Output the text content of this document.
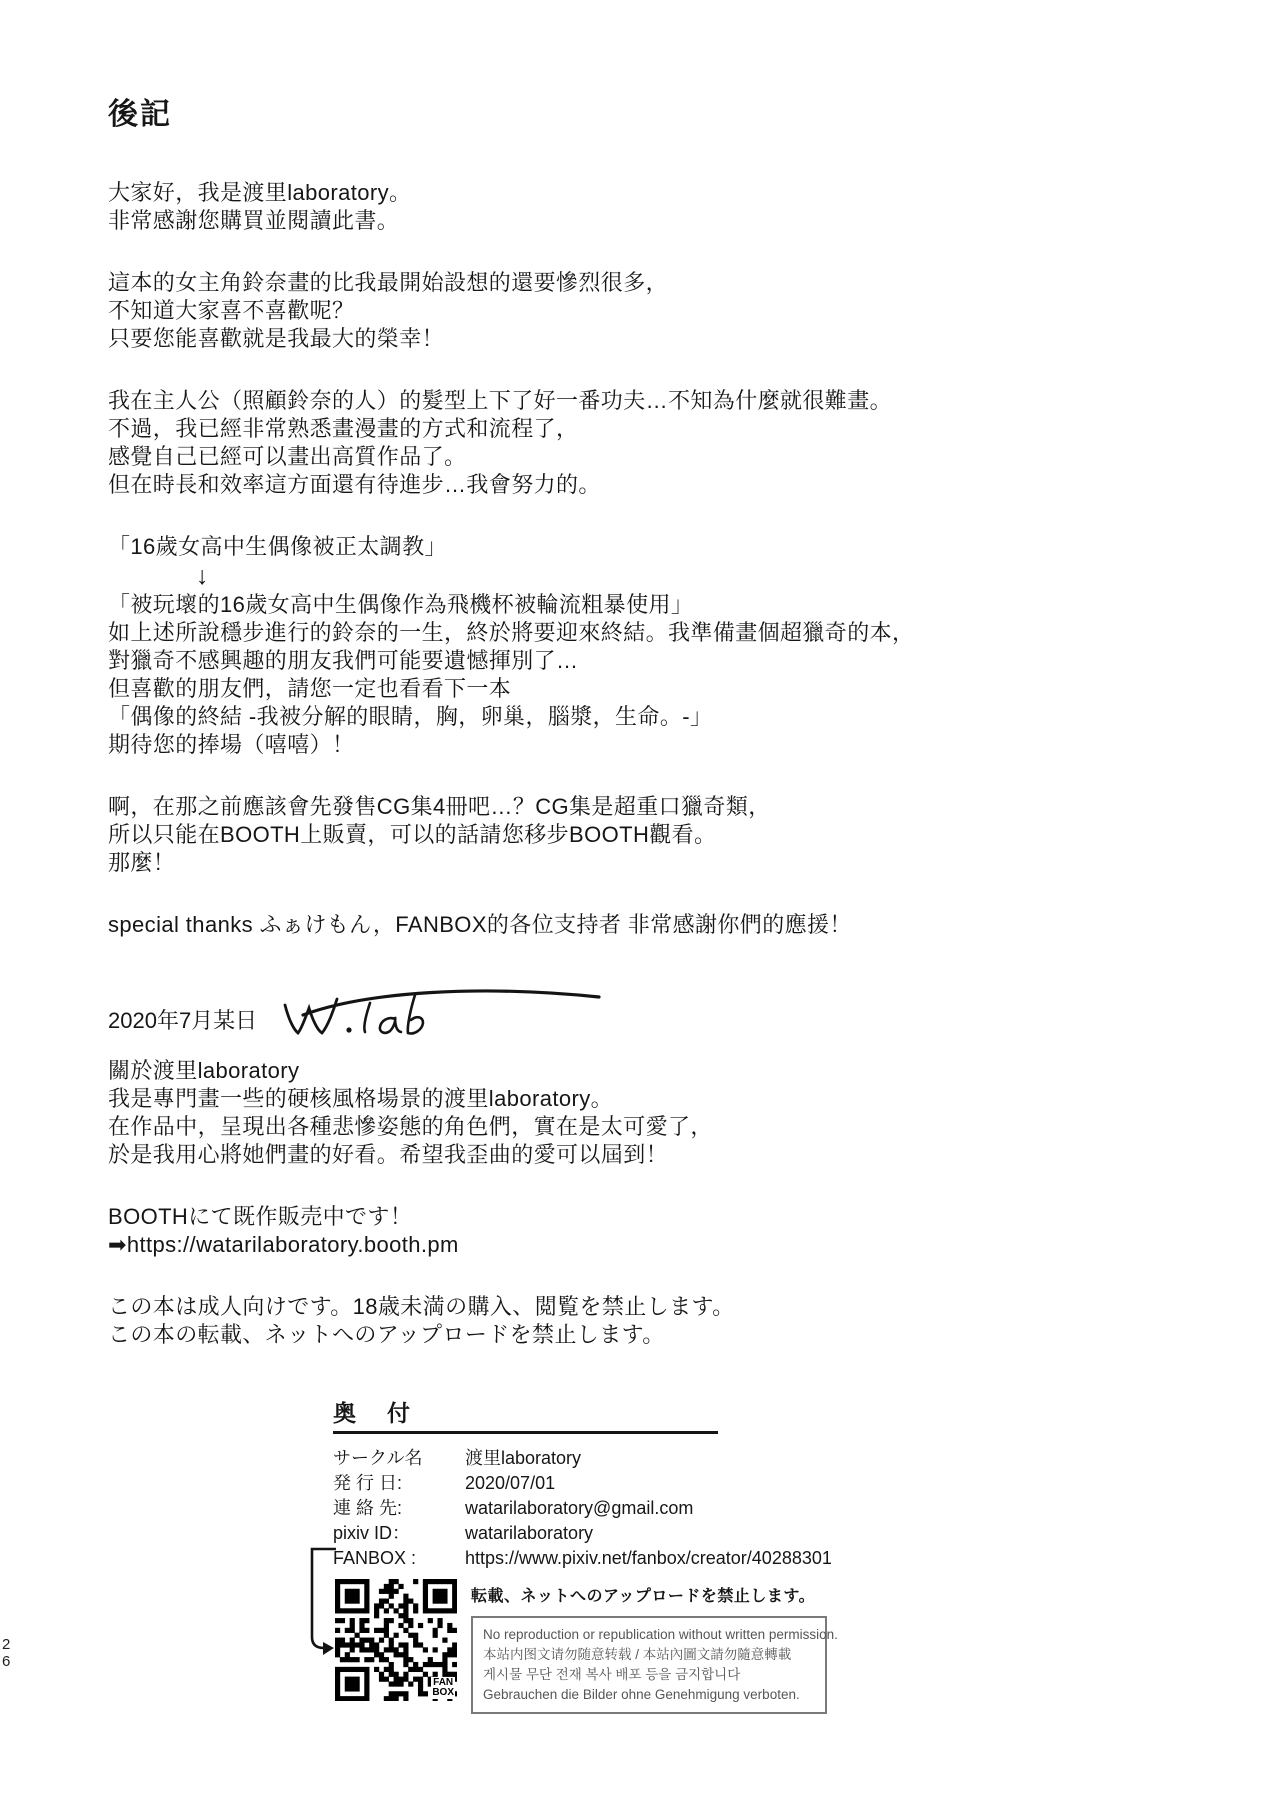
後記
大家好，我是渡里laboratory。
非常感謝您購買並閱讀此書。
這本的女主角鈴奈畫的比我最開始設想的還要慘烈很多，
不知道大家喜不喜歡呢？
只要您能喜歡就是我最大的榮幸！
我在主人公（照顧鈴奈的人）的髮型上下了好一番功夫…不知為什麼就很難畫。
不過，我已經非常熟悉畫漫畫的方式和流程了，
感覺自己已經可以畫出高質作品了。
但在時長和效率這方面還有待進步…我會努力的。
「16歲女高中生偶像被正太調教」
↓
「被玩壞的16歲女高中生偶像作為飛機杯被輪流粗暴使用」
如上述所說穩步進行的鈴奈的一生，終於將要迎來終結。我準備畫個超獵奇的本，
對獵奇不感興趣的朋友我們可能要遺憾揮別了…
但喜歡的朋友們，請您一定也看看下一本
「偶像的終結 -我被分解的眼睛，胸，卵巢，腦漿，生命。-」
期待您的捧場（嘻嘻）！
啊，在那之前應該會先發售CG集4冊吧…？CG集是超重口獵奇類，
所以只能在BOOTH上販賣，可以的話請您移步BOOTH觀看。
那麼！
special thanks ふぁけもん，FANBOX的各位支持者 非常感謝你們的應援！
2020年7月某日
關於渡里laboratory
我是專門畫一些的硬核風格場景的渡里laboratory。
在作品中，呈現出各種悲慘姿態的角色們，實在是太可愛了，
於是我用心將她們畫的好看。希望我歪曲的愛可以屆到！
BOOTHにて既作販売中です！
➡https://watarilaboratory.booth.pm
この本は成人向けです。18歳未満の購入、閲覧を禁止します。
この本の転載、ネットへのアップロードを禁止します。
奥　付
サークル名	渡里laboratory
発 行 日:	2020/07/01
連 絡 先:	watarilaboratory@gmail.com
pixiv ID：	watarilaboratory
FANBOX :	https://www.pixiv.net/fanbox/creator/40288301
FAN
BOX
転載、ネットへのアップロードを禁止します。
No reproduction or republication without written permission.
本站内图文请勿随意转载 / 本站內圖文請勿隨意轉載
게시물 무단 전재 복사 배포 등을 금지합니다
Gebrauchen die Bilder ohne Genehmigung verboten.
26
